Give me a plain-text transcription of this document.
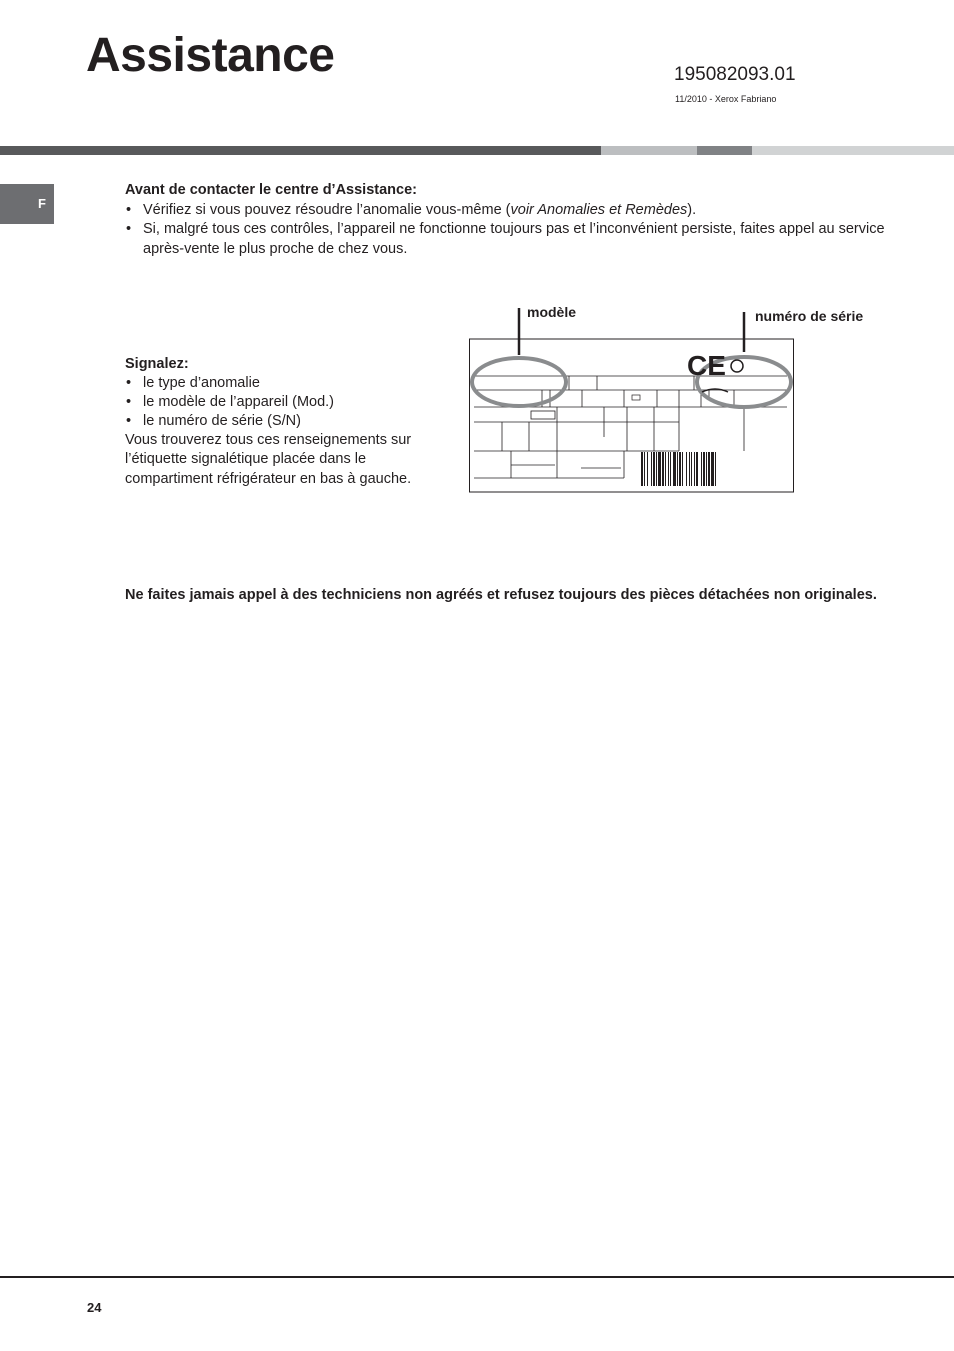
Assistance	195082093.01
11/2010 - Xerox Fabriano
F
Avant de contacter le centre d’Assistance:
• Vérifiez si vous pouvez résoudre l’anomalie vous-même (voir Anomalies et Remèdes).
• Si, malgré tous ces contrôles, l’appareil ne fonctionne toujours pas et l’inconvénient persiste, faites appel au service après-vente le plus proche de chez vous.
Signalez:
• le type d’anomalie
• le modèle de l’appareil (Mod.)
• le numéro de série (S/N)
Vous trouverez tous ces renseignements sur l’étiquette signalétique placée dans le compartiment réfrigérateur en bas à gauche.
modèle	numéro de série
CE
Ne faites jamais appel à des techniciens non agréés et refusez toujours des pièces détachées non originales.
24
